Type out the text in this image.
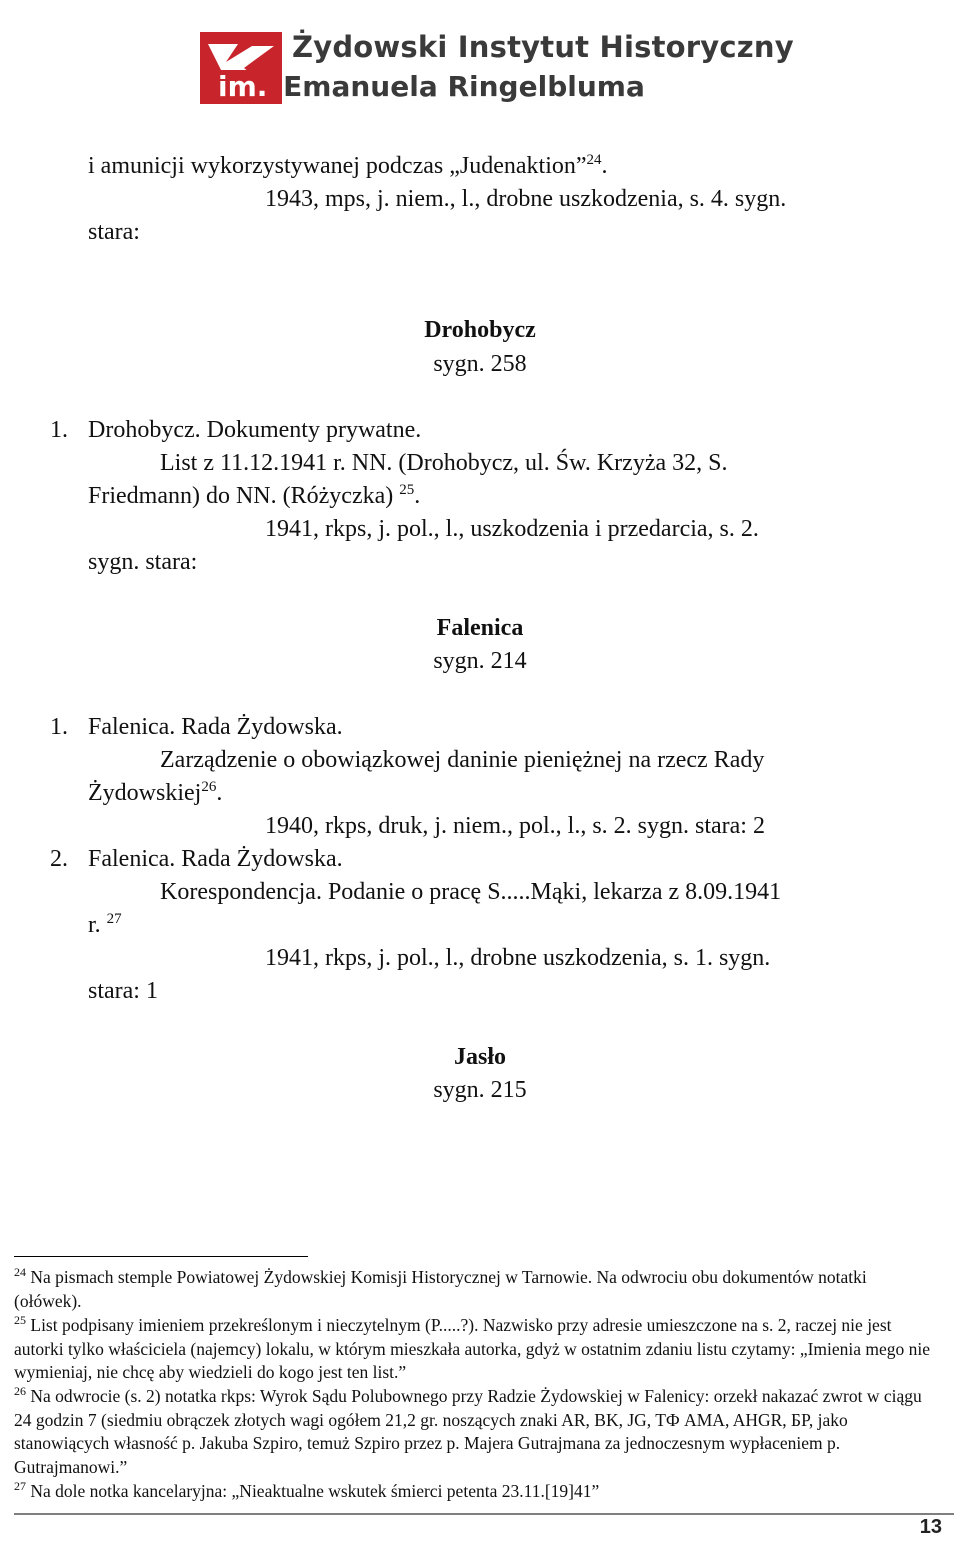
Żydowski Instytut Historyczny
im. Emanuela Ringelbluma
i amunicji wykorzystywanej podczas „Judenaktion”$^{24}$.
1943, mps, j. niem., l., drobne uszkodzenia, s. 4. sygn.
stara:
Drohobycz
sygn. 258
1. Drohobycz. Dokumenty prywatne.
List z 11.12.1941 r. NN. (Drohobycz, ul. Św. Krzyża 32, S.
Friedmann) do NN. (Różyczka) $^{25}$.
1941, rkps, j. pol., l., uszkodzenia i przedarcia, s. 2.
sygn. stara:
Falenica
sygn. 214
1. Falenica. Rada Żydowska.
Zarządzenie o obowiązkowej daninie pieniężnej na rzecz Rady
Żydowskiej$^{26}$.
1940, rkps, druk, j. niem., pol., l., s. 2. sygn. stara: 2
2. Falenica. Rada Żydowska.
Korespondencja. Podanie o pracę S.....Mąki, lekarza z 8.09.1941
r. $^{27}$
1941, rkps, j. pol., l., drobne uszkodzenia, s. 1. sygn.
stara: 1
Jasło
sygn. 215
$^{24}$ Na pismach stemple Powiatowej Żydowskiej Komisji Historycznej w Tarnowie. Na odwrociu obu dokumentów notatki (ołówek).
$^{25}$ List podpisany imieniem przekreślonym i nieczytelnym (P.....?). Nazwisko przy adresie umieszczone na s. 2, raczej nie jest autorki tylko właściciela (najemcy) lokalu, w którym mieszkała autorka, gdyż w ostatnim zdaniu listu czytamy: „Imienia mego nie wymieniaj, nie chcę aby wiedzieli do kogo jest ten list.”
$^{26}$ Na odwrocie (s. 2) notatka rkps: Wyrok Sądu Polubownego przy Radzie Żydowskiej w Falenicy: orzekł nakazać zwrot w ciągu 24 godzin 7 (siedmiu obrączek złotych wagi ogółem 21,2 gr. noszących znaki AR, BK, JG, TФ AMA, AHGR, БP, jako stanowiących własność p. Jakuba Szpiro, temuż Szpiro przez p. Majera Gutrajmana za jednoczesnym wypłaceniem p. Gutrajmanowi.”
$^{27}$ Na dole notka kancelaryjna: „Nieaktualne wskutek śmierci petenta 23.11.[19]41”
13
